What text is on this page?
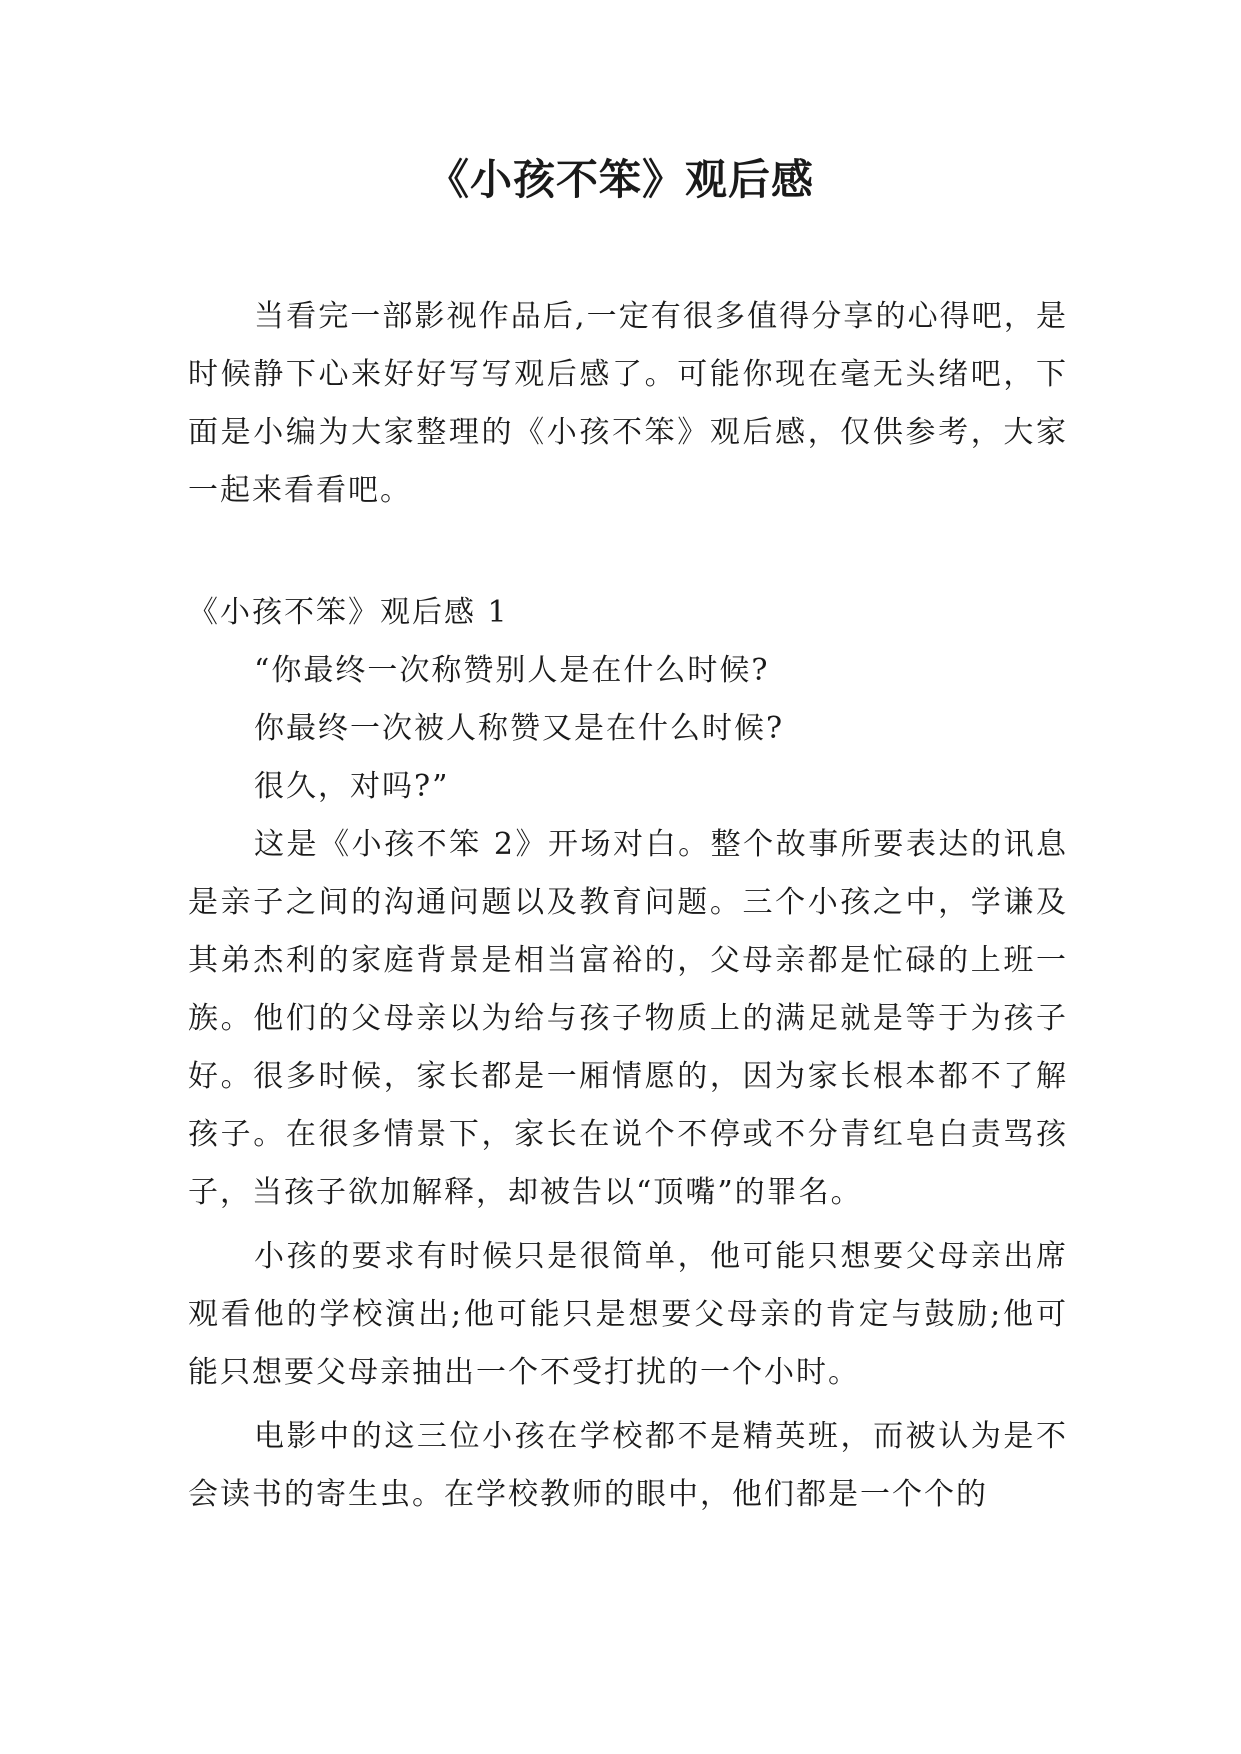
《小孩不笨》观后感

当看完一部影视作品后,一定有很多值得分享的心得吧，是时候静下心来好好写写观后感了。可能你现在毫无头绪吧，下面是小编为大家整理的《小孩不笨》观后感，仅供参考，大家一起来看看吧。

《小孩不笨》观后感 1

“你最终一次称赞别人是在什么时候?

你最终一次被人称赞又是在什么时候?

很久，对吗?”

这是《小孩不笨 2》开场对白。整个故事所要表达的讯息是亲子之间的沟通问题以及教育问题。三个小孩之中，学谦及其弟杰利的家庭背景是相当富裕的，父母亲都是忙碌的上班一族。他们的父母亲以为给与孩子物质上的满足就是等于为孩子好。很多时候，家长都是一厢情愿的，因为家长根本都不了解孩子。在很多情景下，家长在说个不停或不分青红皂白责骂孩子，当孩子欲加解释，却被告以“顶嘴”的罪名。

小孩的要求有时候只是很简单，他可能只想要父母亲出席观看他的学校演出;他可能只是想要父母亲的肯定与鼓励;他可能只想要父母亲抽出一个不受打扰的一个小时。

电影中的这三位小孩在学校都不是精英班，而被认为是不会读书的寄生虫。在学校教师的眼中，他们都是一个个的
